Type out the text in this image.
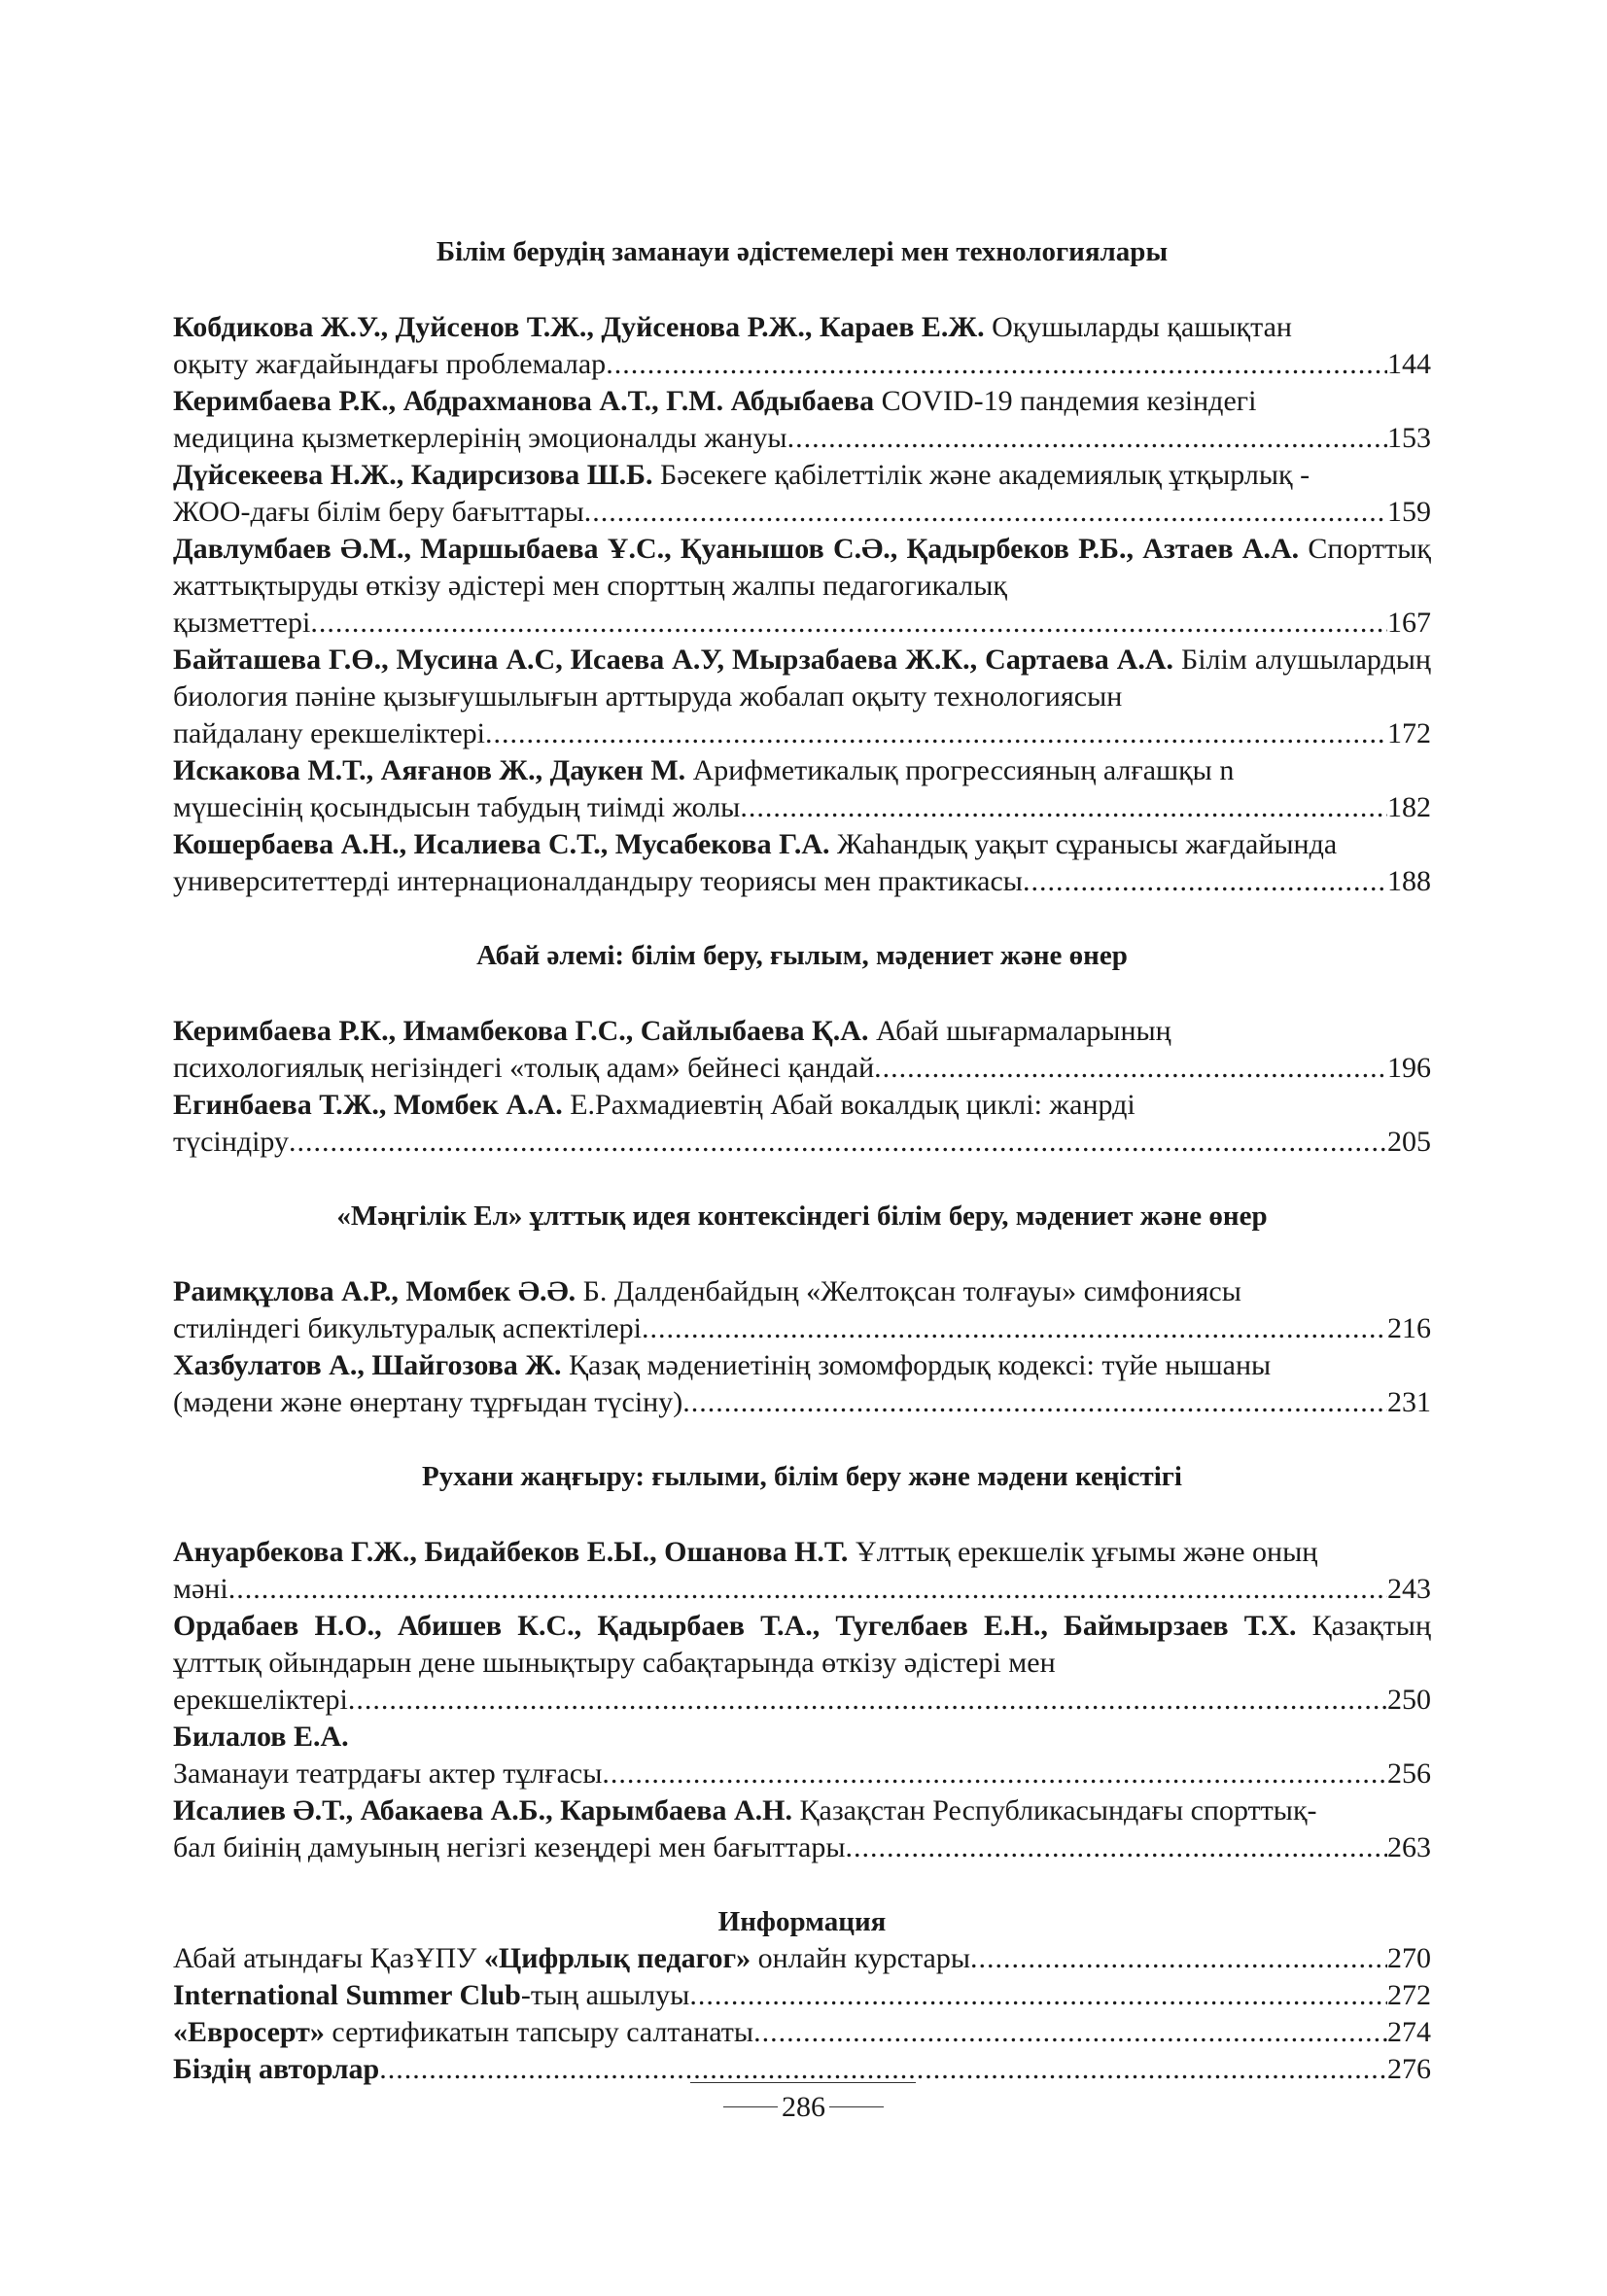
Білім берудің заманауи әдістемелері мен технологиялары

Кобдикова Ж.У., Дуйсенов Т.Ж., Дуйсенова Р.Ж., Караев Е.Ж. Оқушыларды қашықтан

оқыту жағдайындағы проблемалар .....	144

Керимбаева Р.К., Абдрахманова А.Т., Г.М. Абдыбаева COVID-19 пандемия кезіндегі

медицина қызметкерлерінің эмоционалды жануы .....	153

Дүйсекеева Н.Ж., Кадирсизова Ш.Б. Бәсекеге қабілеттілік және академиялық ұтқырлық -

ЖОО-дағы білім беру бағыттары .....	159

Давлумбаев Ә.М., Маршыбаева Ұ.С., Қуанышов С.Ә., Қадырбеков Р.Б., Азтаев А.А. Спорттық жаттықтыруды өткізу әдістері мен спорттың жалпы педагогикалық

қызметтері .....	167

Байташева Г.Ө., Мусина А.С, Исаева А.У, Мырзабаева Ж.К., Сартаева А.А. Білім алушылардың биология пәніне қызығушылығын арттыруда жобалап оқыту технологиясын

пайдалану ерекшеліктері .....	172

Искакова М.Т., Аяғанов Ж., Даукен М. Арифметикалық прогрессияның алғашқы n

мүшесінің қосындысын табудың тиімді жолы .....	182

Кошербаева А.Н., Исалиева С.Т., Мусабекова Г.А. Жаһандық уақыт сұранысы жағдайында

университеттерді интернационалдандыру теориясы мен практикасы .....	188
Абай әлемі: білім беру, ғылым, мәдениет және өнер

Керимбаева Р.К., Имамбекова Г.С., Сайлыбаева Қ.А. Абай шығармаларының

психологиялық негізіндегі «толық адам» бейнесі қандай .....	196

Егинбаева Т.Ж., Момбек А.А. Е.Рахмадиевтің Абай вокалдық циклі: жанрді

түсіндіру .....	205
«Мәңгілік Ел» ұлттық идея контексіндегі білім беру, мәдениет және өнер

Раимқұлова А.Р., Момбек Ә.Ә. Б. Далденбайдың «Желтоқсан толғауы» симфониясы

стиліндегі бикультуралық аспектілері .....	216

Хазбулатов А., Шайгозова Ж. Қазақ мәдениетінің зомомфордық кодексі: түйе нышаны

(мәдени және өнертану тұрғыдан түсіну) .....	231
Рухани жаңғыру: ғылыми, білім беру және мәдени кеңістігі

Ануарбекова Г.Ж., Бидайбеков Е.Ы., Ошанова Н.Т. Ұлттық ерекшелік ұғымы және оның

мәні .....	243

Ордабаев Н.О., Абишев К.С., Қадырбаев Т.А., Тугелбаев Е.Н., Баймырзаев Т.Х. Қазақтың ұлттық ойындарын дене шынықтыру сабақтарында өткізу әдістері мен

ерекшеліктері .....	250

Билалов Е.А.

Заманауи театрдағы актер тұлғасы .....	256

Исалиев Ә.Т., Абакаева А.Б., Карымбаева А.Н. Қазақстан Республикасындағы спорттық-

бал биінің дамуының негізгі кезеңдері мен бағыттары .....	263
Информация
Абай атындағы ҚазҰПУ «Цифрлық педагог» онлайн курстары .....	270
International Summer Club-тың ашылуы .....	272
«Евросерт» сертификатын тапсыру салтанаты .....	274
Біздің авторлар .....	276
286
